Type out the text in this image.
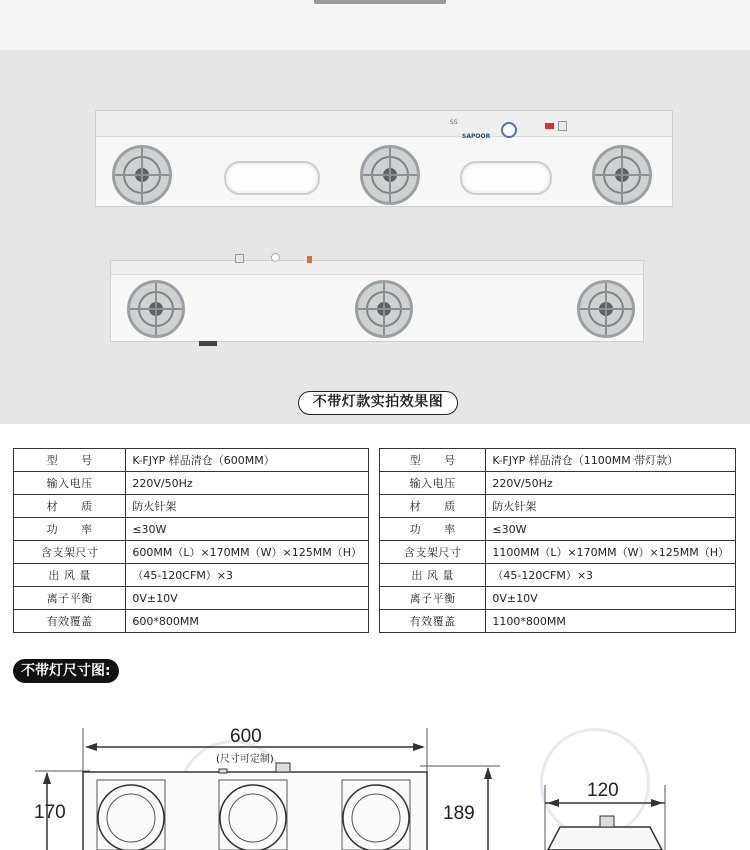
SS
SAPOOR
不带灯款实拍效果图
型　　号	K-FJYP 样品清仓（600MM）
输入电压	220V/50Hz
材　　质	防火针架
功　　率	≤30W
含支架尺寸	600MM（L）×170MM（W）×125MM（H）
出 风 量	（45-120CFM）×3
离子平衡	0V±10V
有效覆盖	600*800MM
型　　号	K-FJYP 样品清仓（1100MM 带灯款）
输入电压	220V/50Hz
材　　质	防火针架
功　　率	≤30W
含支架尺寸	1100MM（L）×170MM（W）×125MM（H）
出 风 量	（45-120CFM）×3
离子平衡	0V±10V
有效覆盖	1100*800MM
不带灯尺寸图:
600
(尺寸可定制)
170	189
120
